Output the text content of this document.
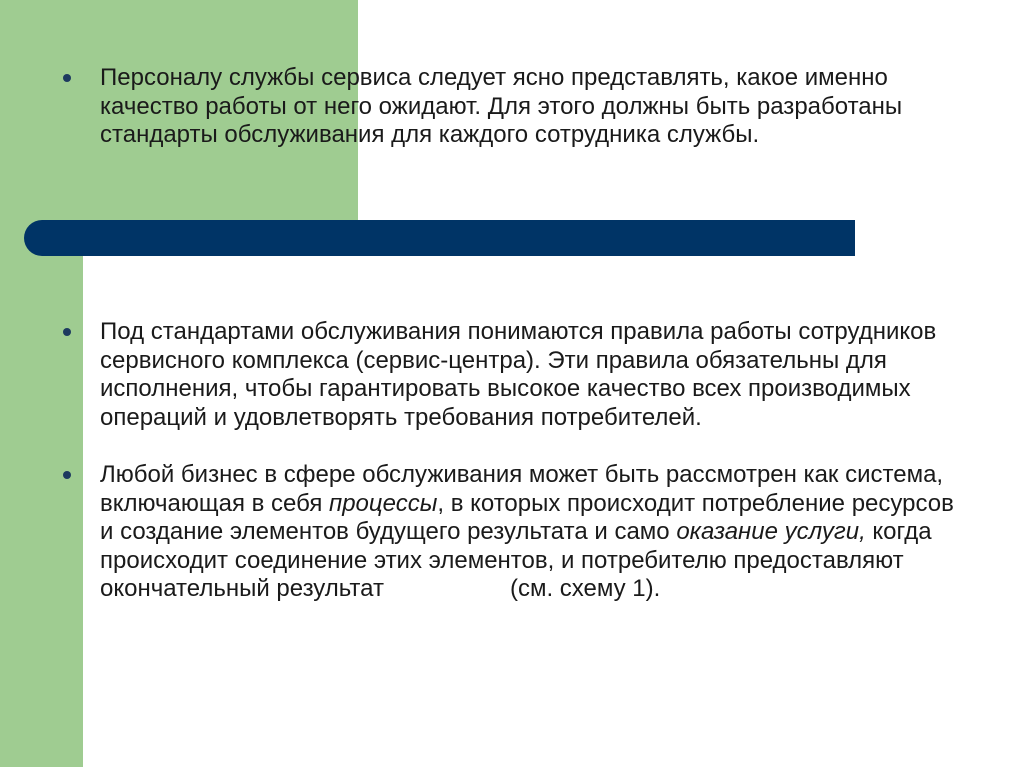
Персоналу службы сервиса следует ясно представлять, какое именно качество работы от него ожидают. Для этого должны быть разработаны стандарты обслуживания для каждого сотрудника службы.
Под стандартами обслуживания понимаются правила работы сотрудников сервисного комплекса (сервис-центра). Эти правила обязательны для исполнения, чтобы гарантировать высокое качество всех производимых операций и удовлетворять требования потребителей.
Любой бизнес в сфере обслуживания может быть рассмотрен как система, включающая в себя процессы, в которых происходит потребление ресурсов и создание элементов будущего результата и само оказание услуги, когда происходит соединение этих элементов, и потребителю предоставляют окончательный результат	(см. схему 1).
